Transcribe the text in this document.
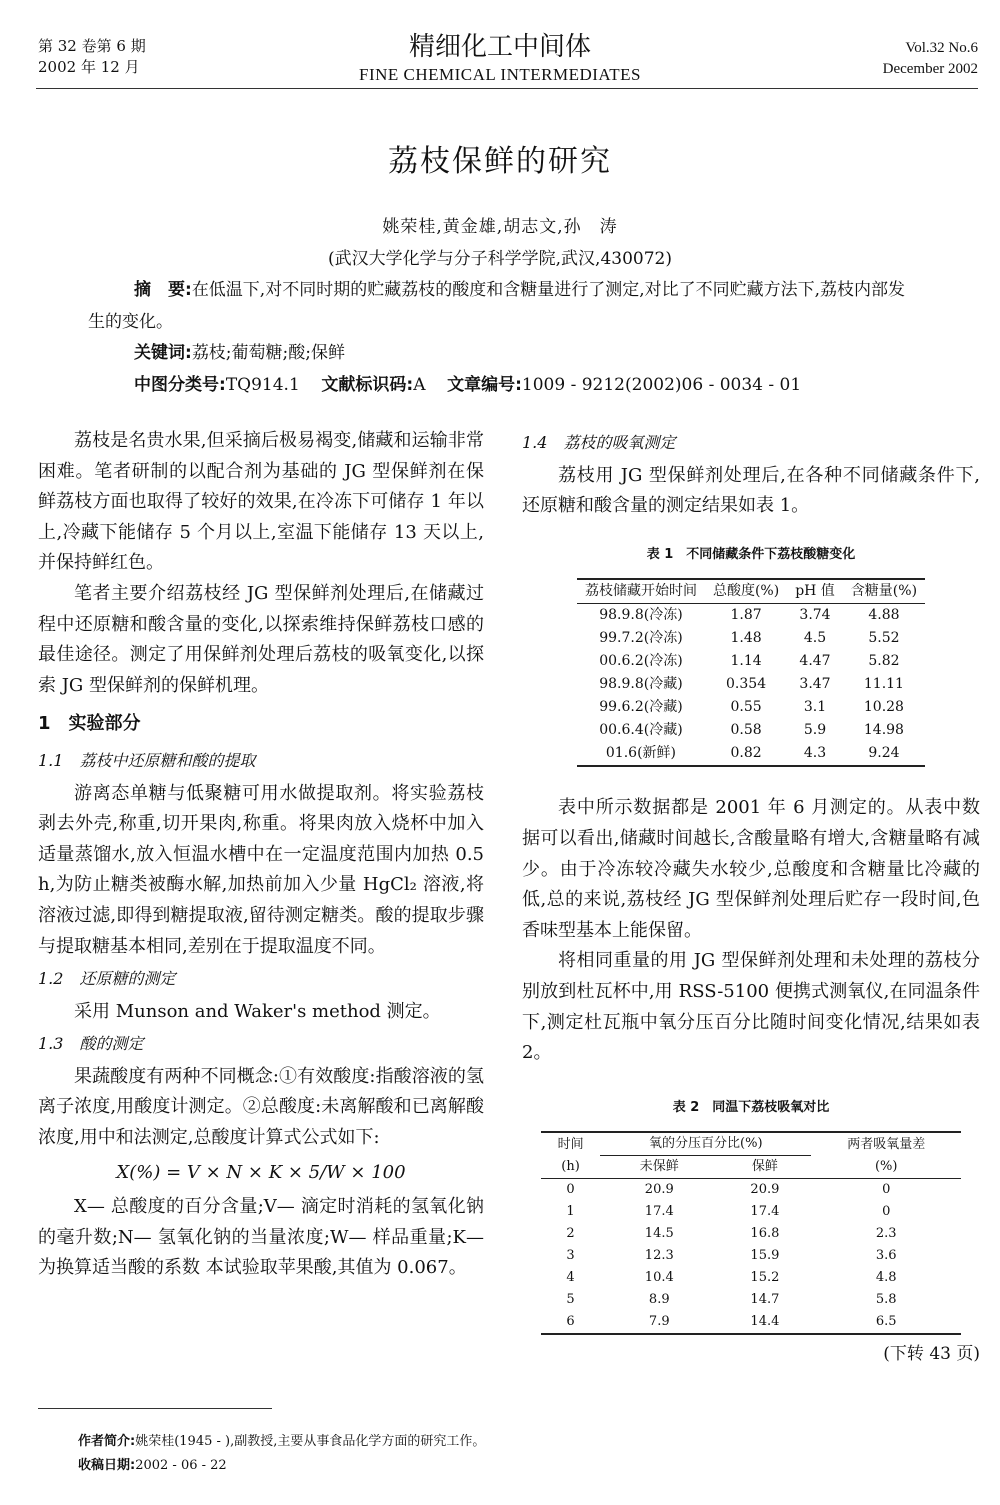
第 32 卷第 6 期
2002 年 12 月
精细化工中间体
FINE CHEMICAL INTERMEDIATES
Vol.32 No.6
December 2002
荔枝保鲜的研究
姚荣桂,黄金雄,胡志文,孙　涛
(武汉大学化学与分子科学学院,武汉,430072)
摘　要:在低温下,对不同时期的贮藏荔枝的酸度和含糖量进行了测定,对比了不同贮藏方法下,荔枝内部发生的变化。
关键词:荔枝;葡萄糖;酸;保鲜
中图分类号:TQ914.1 文献标识码:A 文章编号:1009 - 9212(2002)06 - 0034 - 01

荔枝是名贵水果,但采摘后极易褐变,储藏和运输非常困难。笔者研制的以配合剂为基础的 JG 型保鲜剂在保鲜荔枝方面也取得了较好的效果,在冷冻下可储存 1 年以上,冷藏下能储存 5 个月以上,室温下能储存 13 天以上,并保持鲜红色。

笔者主要介绍荔枝经 JG 型保鲜剂处理后,在储藏过程中还原糖和酸含量的变化,以探索维持保鲜荔枝口感的最佳途径。测定了用保鲜剂处理后荔枝的吸氧变化,以探索 JG 型保鲜剂的保鲜机理。

1　实验部分
1.1　荔枝中还原糖和酸的提取

游离态单糖与低聚糖可用水做提取剂。将实验荔枝剥去外壳,称重,切开果肉,称重。将果肉放入烧杯中加入适量蒸馏水,放入恒温水槽中在一定温度范围内加热 0.5 h,为防止糖类被酶水解,加热前加入少量 HgCl₂ 溶液,将溶液过滤,即得到糖提取液,留待测定糖类。酸的提取步骤与提取糖基本相同,差别在于提取温度不同。

1.2　还原糖的测定

采用 Munson and Waker's method 测定。

1.3　酸的测定

果蔬酸度有两种不同概念:①有效酸度:指酸溶液的氢离子浓度,用酸度计测定。②总酸度:未离解酸和已离解酸浓度,用中和法测定,总酸度计算式公式如下:

X(%) = V × N × K × 5/W × 100

X— 总酸度的百分含量;V— 滴定时消耗的氢氧化钠的毫升数;N— 氢氧化钠的当量浓度;W— 样品重量;K— 为换算适当酸的系数 本试验取苹果酸,其值为 0.067。

1.4　荔枝的吸氧测定

荔枝用 JG 型保鲜剂处理后,在各种不同储藏条件下,还原糖和酸含量的测定结果如表 1。

表 1　不同储藏条件下荔枝酸糖变化
荔枝储藏开始时间	总酸度(%)	pH 值	含糖量(%)
98.9.8(冷冻)	1.87	3.74	4.88
99.7.2(冷冻)	1.48	4.5	5.52
00.6.2(冷冻)	1.14	4.47	5.82
98.9.8(冷藏)	0.354	3.47	11.11
99.6.2(冷藏)	0.55	3.1	10.28
00.6.4(冷藏)	0.58	5.9	14.98
01.6(新鲜)	0.82	4.3	9.24

表中所示数据都是 2001 年 6 月测定的。从表中数据可以看出,储藏时间越长,含酸量略有增大,含糖量略有减少。由于冷冻较冷藏失水较少,总酸度和含糖量比冷藏的低,总的来说,荔枝经 JG 型保鲜剂处理后贮存一段时间,色香味型基本上能保留。

将相同重量的用 JG 型保鲜剂处理和未处理的荔枝分别放到杜瓦杯中,用 RSS-5100 便携式测氧仪,在同温条件下,测定杜瓦瓶中氧分压百分比随时间变化情况,结果如表 2。

表 2　同温下荔枝吸氧对比
时间	氧的分压百分比(%)		两者吸氧量差
(h)	未保鲜	保鲜	(%)
0	20.9	20.9	0
1	17.4	17.4	0
2	14.5	16.8	2.3
3	12.3	15.9	3.6
4	10.4	15.2	4.8
5	8.9	14.7	5.8
6	7.9	14.4	6.5
(下转 43 页)
作者简介:姚荣桂(1945 - ),副教授,主要从事食品化学方面的研究工作。
收稿日期:2002 - 06 - 22
